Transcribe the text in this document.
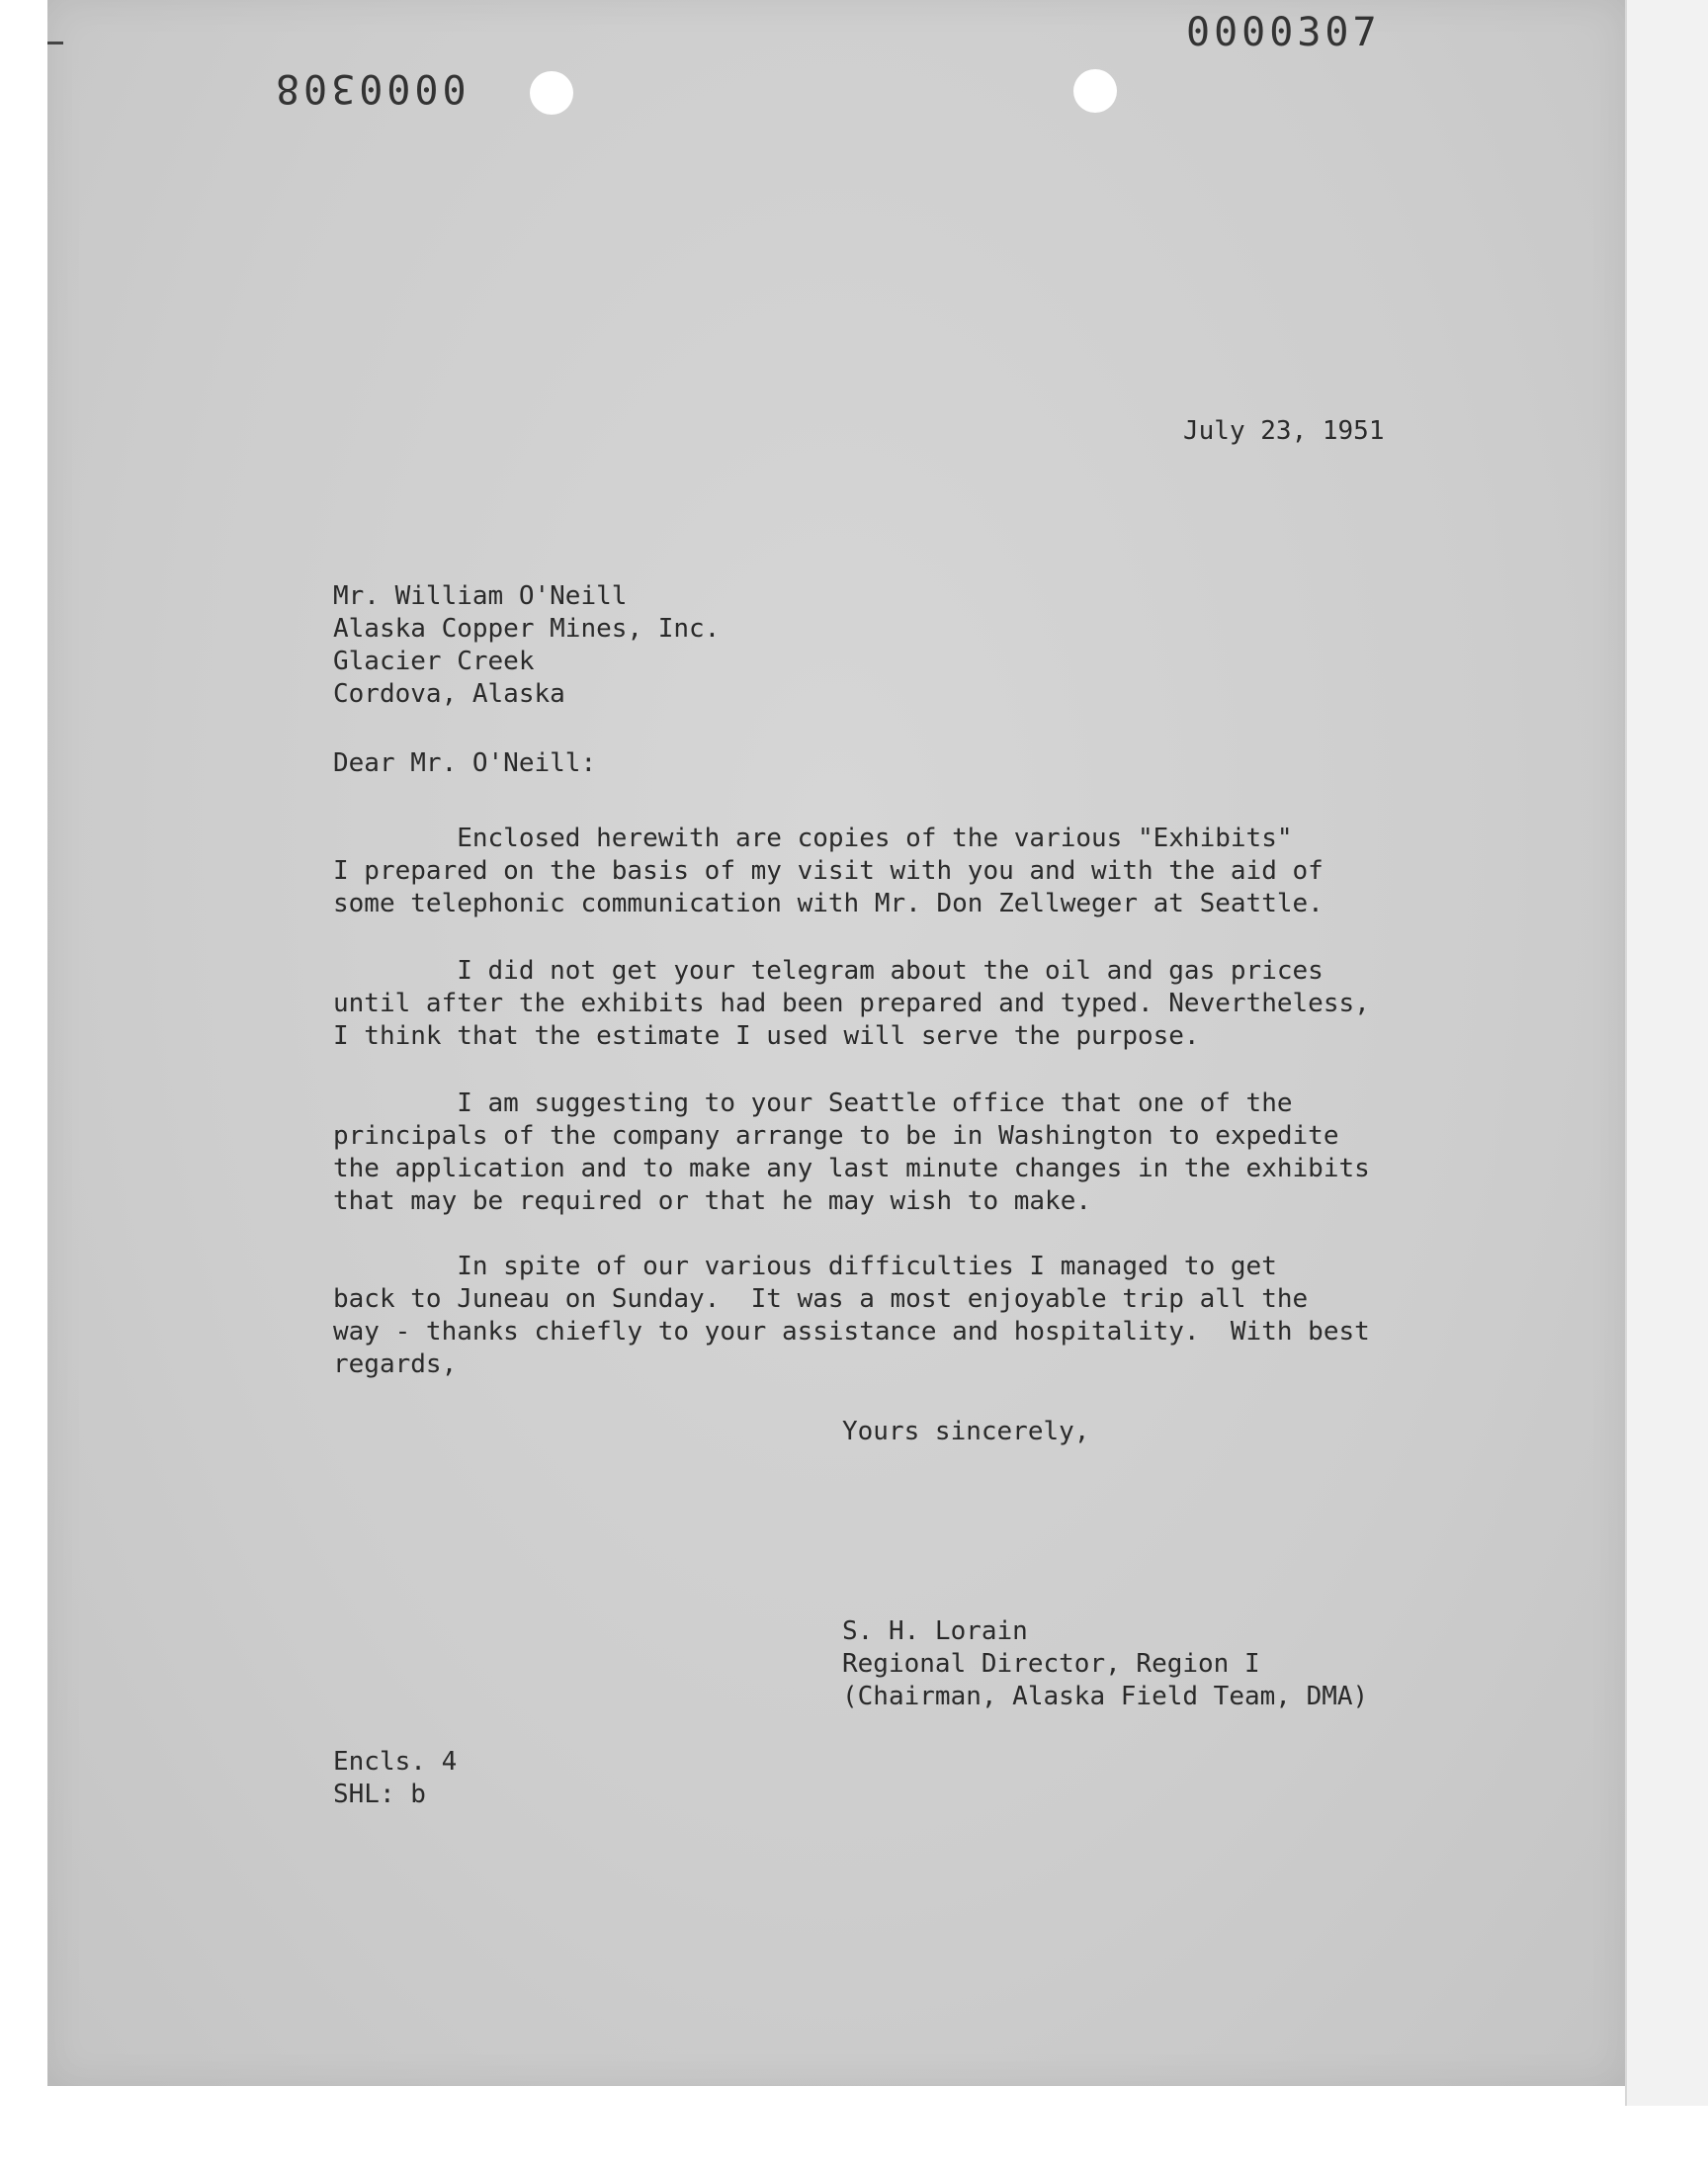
0000307
0000308

July 23, 1951

Mr. William O'Neill
Alaska Copper Mines, Inc.
Glacier Creek
Cordova, Alaska

Dear Mr. O'Neill:

Enclosed herewith are copies of the various "Exhibits"
I prepared on the basis of my visit with you and with the aid of
some telephonic communication with Mr. Don Zellweger at Seattle.
I did not get your telegram about the oil and gas prices
until after the exhibits had been prepared and typed. Nevertheless,
I think that the estimate I used will serve the purpose.
I am suggesting to your Seattle office that one of the
principals of the company arrange to be in Washington to expedite
the application and to make any last minute changes in the exhibits
that may be required or that he may wish to make.
In spite of our various difficulties I managed to get
back to Juneau on Sunday.  It was a most enjoyable trip all the
way - thanks chiefly to your assistance and hospitality.  With best
regards,

Yours sincerely,

S. H. Lorain
Regional Director, Region I
(Chairman, Alaska Field Team, DMA)
Encls. 4
SHL: b
